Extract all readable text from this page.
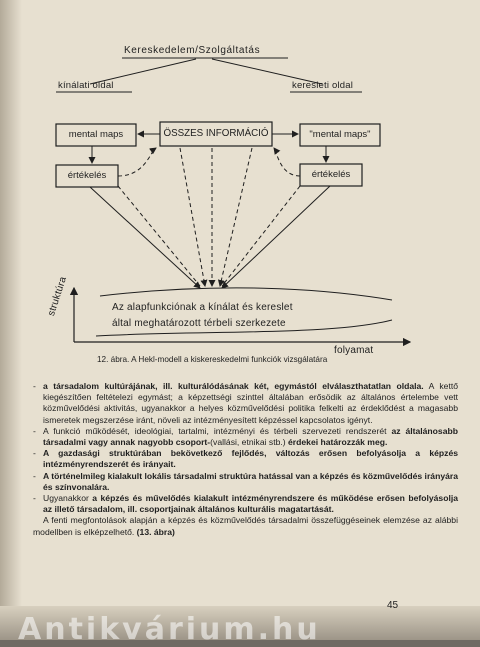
Kereskedelem/Szolgáltatás
kínálati oldal	keresleti oldal
mental maps	ÖSSZES INFORMÁCIÓ	"mental maps"
értékelés	értékelés
struktúra
folyamat
Az alapfunkciónak a kínálat és kereslet
által meghatározott térbeli szerkezete
12. ábra. A Hekl-modell a kiskereskedelmi funkciók vizsgálatára

- a társadalom kultúrájának, ill. kulturálódásának két, egymástól elválaszthatatlan oldala. A kettő kiegészítően feltételezi egymást; a képzettségi szinttel általában erősödik az általános értelembe vett közművelődési aktivitás, ugyanakkor a helyes közművelődési politika felkelti az érdeklődést a magasabb ismeretek megszerzése iránt, növeli az intézményesített képzéssel kapcsolatos igényt.

- A funkció működését, ideológiai, tartalmi, intézményi és térbeli szervezeti rendszerét az általánosabb társadalmi vagy annak nagyobb csoport-(vallási, etnikai stb.) érdekei határozzák meg.

- A gazdasági struktúrában bekövetkező fejlődés, változás erősen befolyásolja a képzés intézményrendszerét és irányait.

- A történelmileg kialakult lokális társadalmi struktúra hatással van a képzés és közművelődés irányára és színvonalára.

- Ugyanakkor a képzés és művelődés kialakult intézményrendszere és működése erősen befolyásolja az illető társadalom, ill. csoportjainak általános kulturális magatartását.

A fenti megfontolások alapján a képzés és közművelődés társadalmi összefüggéseinek elemzése az alábbi modellben is elképzelhető. (13. ábra)

45
Antikvárium.hu
